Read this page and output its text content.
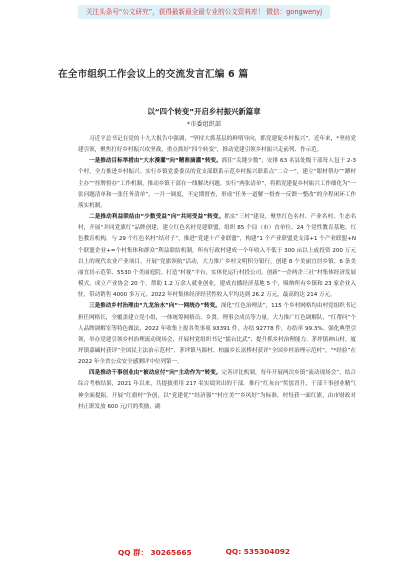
关注头条号“公文研究”，获得最新最全最专业的公文资料库！ 微信：gongwenyj
在全市组织工作会议上的交流发言汇编 6 篇
以“四个转变”开启乡村振兴新篇章
*市委组织部

习近平总书记在党的十九大报告中强调，“坚持大抓基层的鲜明导向，抓党建促乡村振兴”。近年来，*坚持党建引领，聚焦打好乡村振兴攻坚战，重点抓好“四个转变”，推动党建引领乡村振兴走前列、作示范。

一是推动目标举措由“大水漫灌”向“精准滴灌”转变。抓住“关键少数”，安排 63 名县处级干部每人包干 2-3 个村，全力推进乡村振兴。实行乡镇党委委员的党支部联系示范乡村振兴联系点“二合一”，建立“眼材帮办”“蹲村主办”“挂牌督办”工作机制，推动乡镇干部在一线解决问题。实行“两张清单”，将抓党建促乡村振兴工作细化为“一张问题清单和一张任务清单”，一月一调度，不定期督查，形成“任务一道解一督查一反馈一整改”的全程闭环工作落实机制。

二是推动利益联结由“少数受益”向“共同受益”转变。抓实“三村”建设，聚焦红色名村、产业名村、生态名村，开展“并同党旗红”品牌创建，建立红色名村党建联盟，组织 85 个局（市）直单位、24 个党性教育基地、红色教育机构，与 29 个红色名村“结对子”，推进“党建十产业联盟”，构建“1 个产业联盟党支部+1 个产业联盟+N 个联盟企业+=个村集体和群众”利益联结机制，所有行政村建成一个年收入不低于 300 亩以上或投资 200 万元以上的现代农业产业项目。开展“党旗领航”活动，大力推广乡村文明积分银行，创建 8 个美丽宜居乡镇、6 条美丽宜居示范带、5530 个美丽庭院。打造“村视”平台，实体化运行村投公司，创新“一企两企三社”村集体经济发展模式，成立产业协会 20 个，帮助 1.2 万余人就业创业，建成直播经济基地 5 个，吸纳所有乡镇和 23 家企业入驻，带动销售 4000 多万元。2022 年村集体经济经营性收入平均达到 26.2 万元，最高的达 214 万元。

三是推动乡村治理由“九龙治水”向“一网统办”转变。深化“红色治理法”，115 个乡村网格均由村党组织书记担任网格长，全覆盖建立党小组，一体统筹网格员、乡贤、理事会成员等力量。大力推广红色调解队、“红帮问”个人品牌调解室等特色做法，2022 年收集上报各类事项 93391 件，办结 92778 件，办结率 99.3%。强化典型引领，举办党建引领乡村治理流动现场会，开展村党组织书记“擂台比武”，提升抓乡村治理能力。茅坪镇神山村、厦坪镇嘉碱村获评“全国民主法治示范村”，茅坪镇马源村、柏露乡长富桥村获评“全国乡村治理示范村”，“*经验”在 2022 年全省公众安全感测评中位列第一。

四是推动干事创业由“被动应付”向“主动作为”转变。完善评比机制，每年开展两次乡镇“流动现场会”，结合综合考核结果，2021 年以来，共提拔重用 217 名实绩突出的干部。推行“红灰台”奖惩晋升，干部干事创业精气神全面提振。开展“红旗村”争创，以“党建优”“经济强”“村庄美”“乡风好”为标准，村每获一面红旗，由市财政对村正职发放 600 元/月的奖励，副

QQ 群： 30265665	QQ: 535304092
